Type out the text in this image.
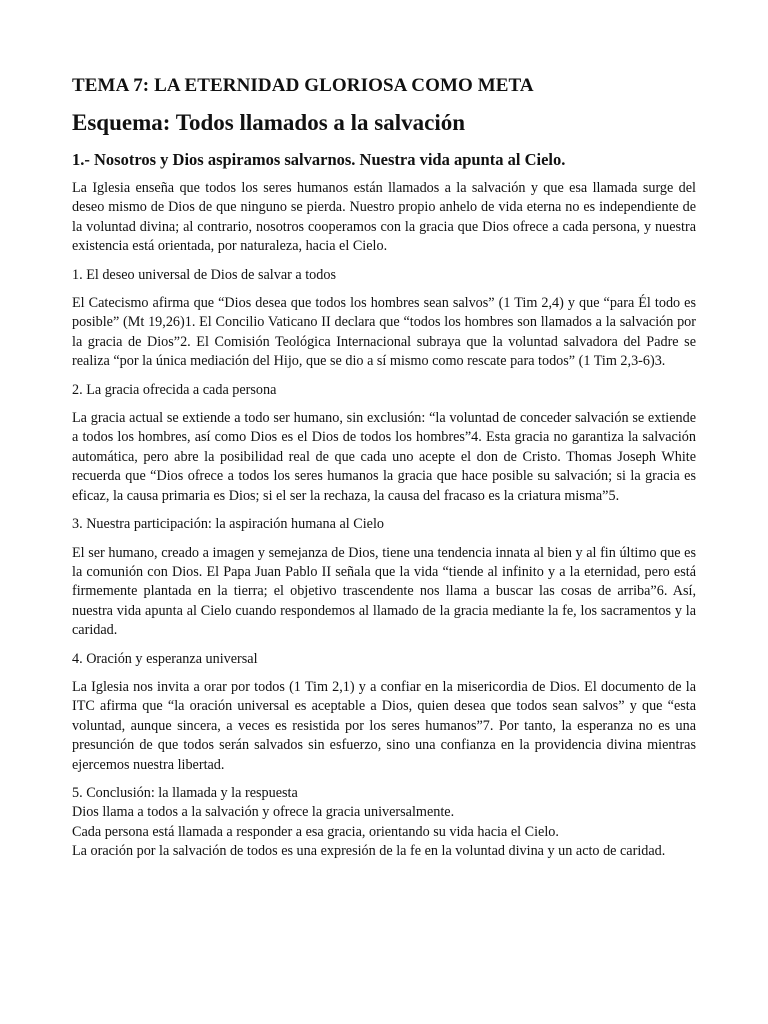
TEMA 7: LA ETERNIDAD GLORIOSA COMO META
Esquema: Todos llamados a la salvación
1.- Nosotros y Dios aspiramos salvarnos. Nuestra vida apunta al Cielo.

La Iglesia enseña que todos los seres humanos están llamados a la salvación y que esa llamada surge del deseo mismo de Dios de que ninguno se pierda. Nuestro propio anhelo de vida eterna no es independiente de la voluntad divina; al contrario, nosotros cooperamos con la gracia que Dios ofrece a cada persona, y nuestra existencia está orientada, por naturaleza, hacia el Cielo.

1. El deseo universal de Dios de salvar a todos

El Catecismo afirma que “Dios desea que todos los hombres sean salvos” (1 Tim 2,4) y que “para Él todo es posible” (Mt 19,26)1. El Concilio Vaticano II declara que “todos los hombres son llamados a la salvación por la gracia de Dios”2. El Comisión Teológica Internacional subraya que la voluntad salvadora del Padre se realiza “por la única mediación del Hijo, que se dio a sí mismo como rescate para todos” (1 Tim 2,3-6)3.

2. La gracia ofrecida a cada persona

La gracia actual se extiende a todo ser humano, sin exclusión: “la voluntad de conceder salvación se extiende a todos los hombres, así como Dios es el Dios de todos los hombres”4. Esta gracia no garantiza la salvación automática, pero abre la posibilidad real de que cada uno acepte el don de Cristo. Thomas Joseph White recuerda que “Dios ofrece a todos los seres humanos la gracia que hace posible su salvación; si la gracia es eficaz, la causa primaria es Dios; si el ser la rechaza, la causa del fracaso es la criatura misma”5.

3. Nuestra participación: la aspiración humana al Cielo

El ser humano, creado a imagen y semejanza de Dios, tiene una tendencia innata al bien y al fin último que es la comunión con Dios. El Papa Juan Pablo II señala que la vida “tiende al infinito y a la eternidad, pero está firmemente plantada en la tierra; el objetivo trascendente nos llama a buscar las cosas de arriba”6. Así, nuestra vida apunta al Cielo cuando respondemos al llamado de la gracia mediante la fe, los sacramentos y la caridad.

4. Oración y esperanza universal

La Iglesia nos invita a orar por todos (1 Tim 2,1) y a confiar en la misericordia de Dios. El documento de la ITC afirma que “la oración universal es aceptable a Dios, quien desea que todos sean salvos” y que “esta voluntad, aunque sincera, a veces es resistida por los seres humanos”7. Por tanto, la esperanza no es una presunción de que todos serán salvados sin esfuerzo, sino una confianza en la providencia divina mientras ejercemos nuestra libertad.

5. Conclusión: la llamada y la respuesta

Dios llama a todos a la salvación y ofrece la gracia universalmente.

Cada persona está llamada a responder a esa gracia, orientando su vida hacia el Cielo.

La oración por la salvación de todos es una expresión de la fe en la voluntad divina y un acto de caridad.
